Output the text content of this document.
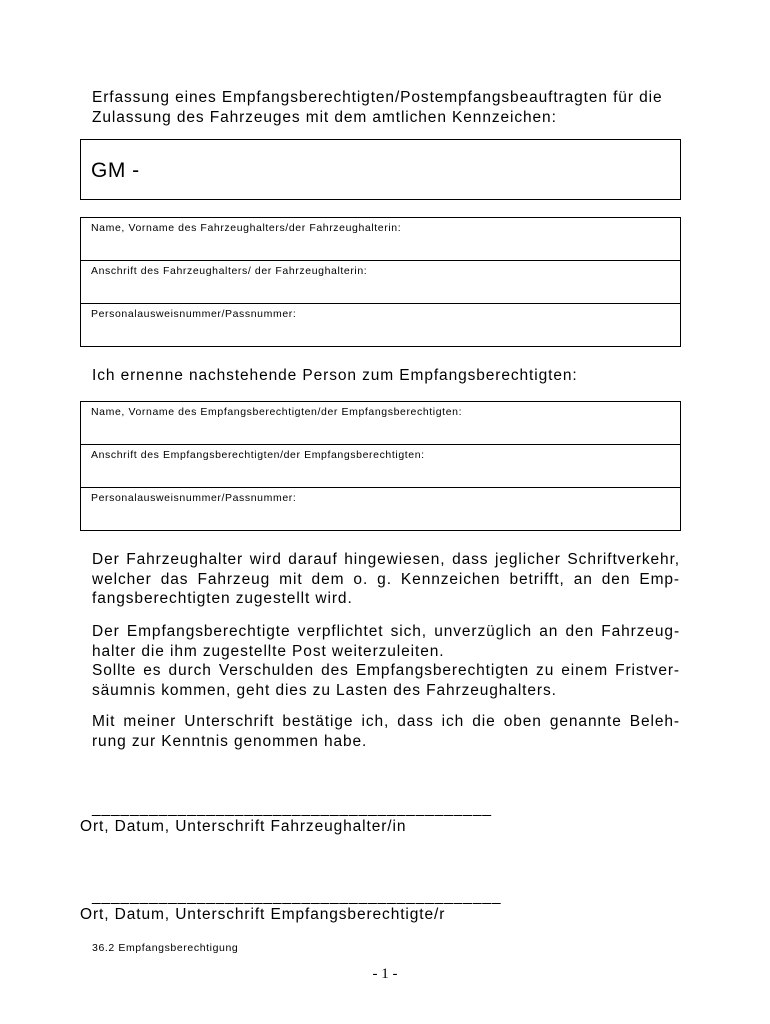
Erfassung eines Empfangsberechtigten/Postempfangsbeauftragten für die
Zulassung des Fahrzeuges mit dem amtlichen Kennzeichen:
GM -
Name, Vorname des Fahrzeughalters/der Fahrzeughalterin:
Anschrift des Fahrzeughalters/ der Fahrzeughalterin:
Personalausweisnummer/Passnummer:
Ich ernenne nachstehende Person zum Empfangsberechtigten:
Name, Vorname des Empfangsberechtigten/der Empfangsberechtigten:
Anschrift des Empfangsberechtigten/der Empfangsberechtigten:
Personalausweisnummer/Passnummer:
Der Fahrzeughalter wird darauf hingewiesen, dass jeglicher Schriftverkehr,
welcher das Fahrzeug mit dem o. g. Kennzeichen betrifft, an den Emp-
fangsberechtigten zugestellt wird.
Der Empfangsberechtigte verpflichtet sich, unverzüglich an den Fahrzeug-
halter die ihm zugestellte Post weiterzuleiten.
Sollte es durch Verschulden des Empfangsberechtigten zu einem Fristver-
säumnis kommen, geht dies zu Lasten des Fahrzeughalters.
Mit meiner Unterschrift bestätige ich, dass ich die oben genannte Beleh-
rung zur Kenntnis genommen habe.
__________________________________________
Ort, Datum, Unterschrift Fahrzeughalter/in
___________________________________________
Ort, Datum, Unterschrift Empfangsberechtigte/r
36.2 Empfangsberechtigung
- 1 -
